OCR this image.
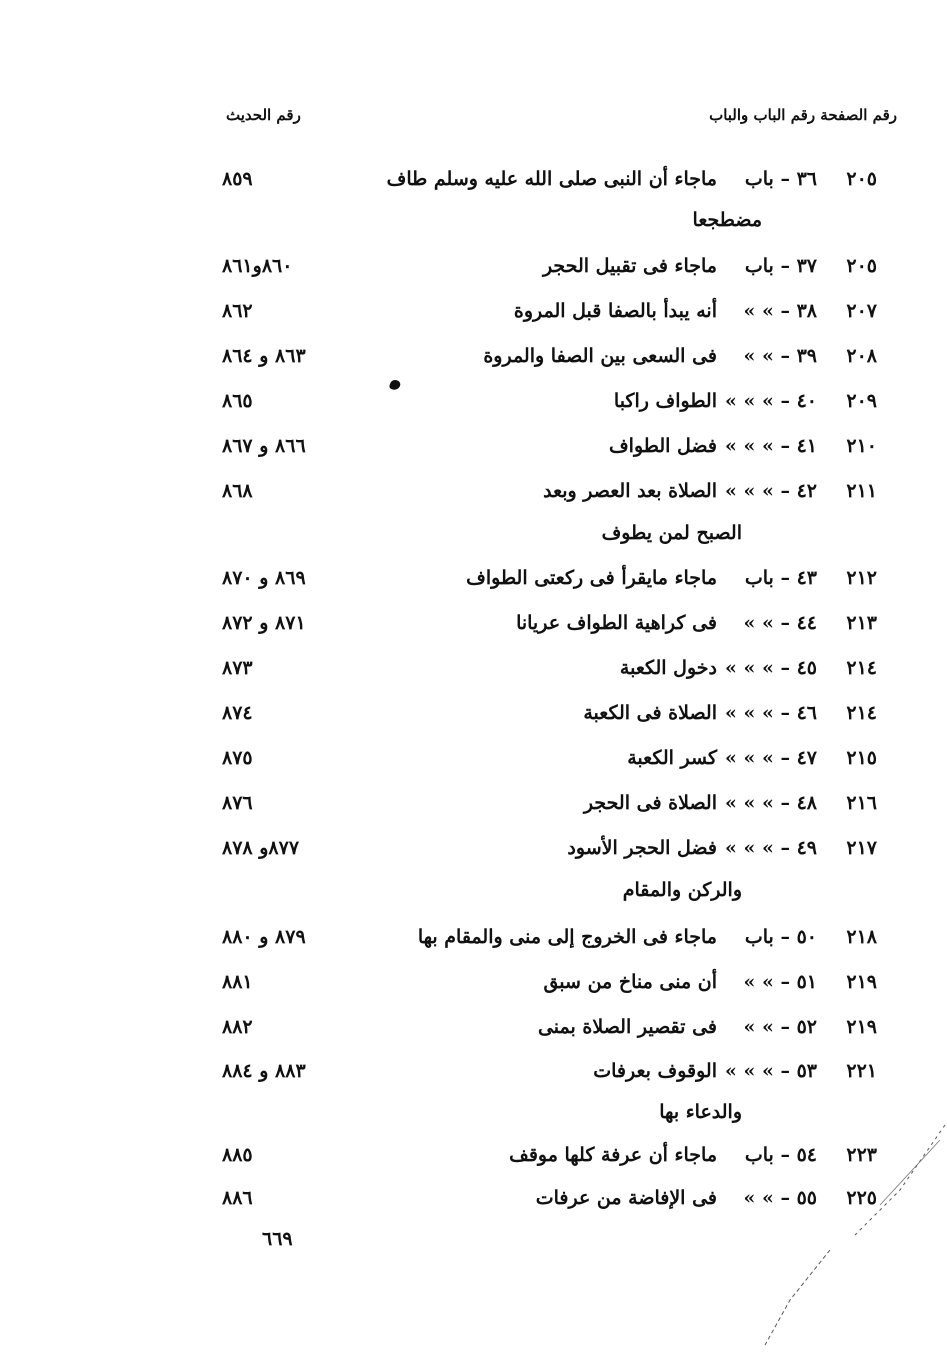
رقم الصفحة رقم الباب والباب
رقم الحديث
٢٠٥
٣٦ – باب
ماجاء أن النبى صلى الله عليه وسلم طاف
٨٥٩
مضطجعا
٢٠٥
٣٧ – باب
ماجاء فى تقبيل الحجر
٨٦٠و٨٦١
٢٠٧
٣٨ – » »
أنه يبدأ بالصفا قبل المروة
٨٦٢
٢٠٨
٣٩ – » »
فى السعى بين الصفا والمروة
٨٦٣ و ٨٦٤
٢٠٩
٤٠ – » » »
الطواف راكبا
٨٦٥
٢١٠
٤١ – » » »
فضل الطواف
٨٦٦ و ٨٦٧
٢١١
٤٢ – » » »
الصلاة بعد العصر وبعد
٨٦٨
الصبح لمن يطوف
٢١٢
٤٣ – باب
ماجاء مايقرأ فى ركعتى الطواف
٨٦٩ و ٨٧٠
٢١٣
٤٤ – » »
فى كراهية الطواف عريانا
٨٧١ و ٨٧٢
٢١٤
٤٥ – » » »
دخول الكعبة
٨٧٣
٢١٤
٤٦ – » » »
الصلاة فى الكعبة
٨٧٤
٢١٥
٤٧ – » » »
كسر الكعبة
٨٧٥
٢١٦
٤٨ – » » »
الصلاة فى الحجر
٨٧٦
٢١٧
٤٩ – » » »
فضل الحجر الأسود
٨٧٧و ٨٧٨
والركن والمقام
٢١٨
٥٠ – باب
ماجاء فى الخروج إلى منى والمقام بها
٨٧٩ و ٨٨٠
٢١٩
٥١ – » »
أن منى مناخ من سبق
٨٨١
٢١٩
٥٢ – » »
فى تقصير الصلاة بمنى
٨٨٢
٢٢١
٥٣ – » » »
الوقوف بعرفات
٨٨٣ و ٨٨٤
والدعاء بها
٢٢٣
٥٤ – باب
ماجاء أن عرفة كلها موقف
٨٨٥
٢٢٥
٥٥ – » »
فى الإفاضة من عرفات
٨٨٦
٦٦٩
